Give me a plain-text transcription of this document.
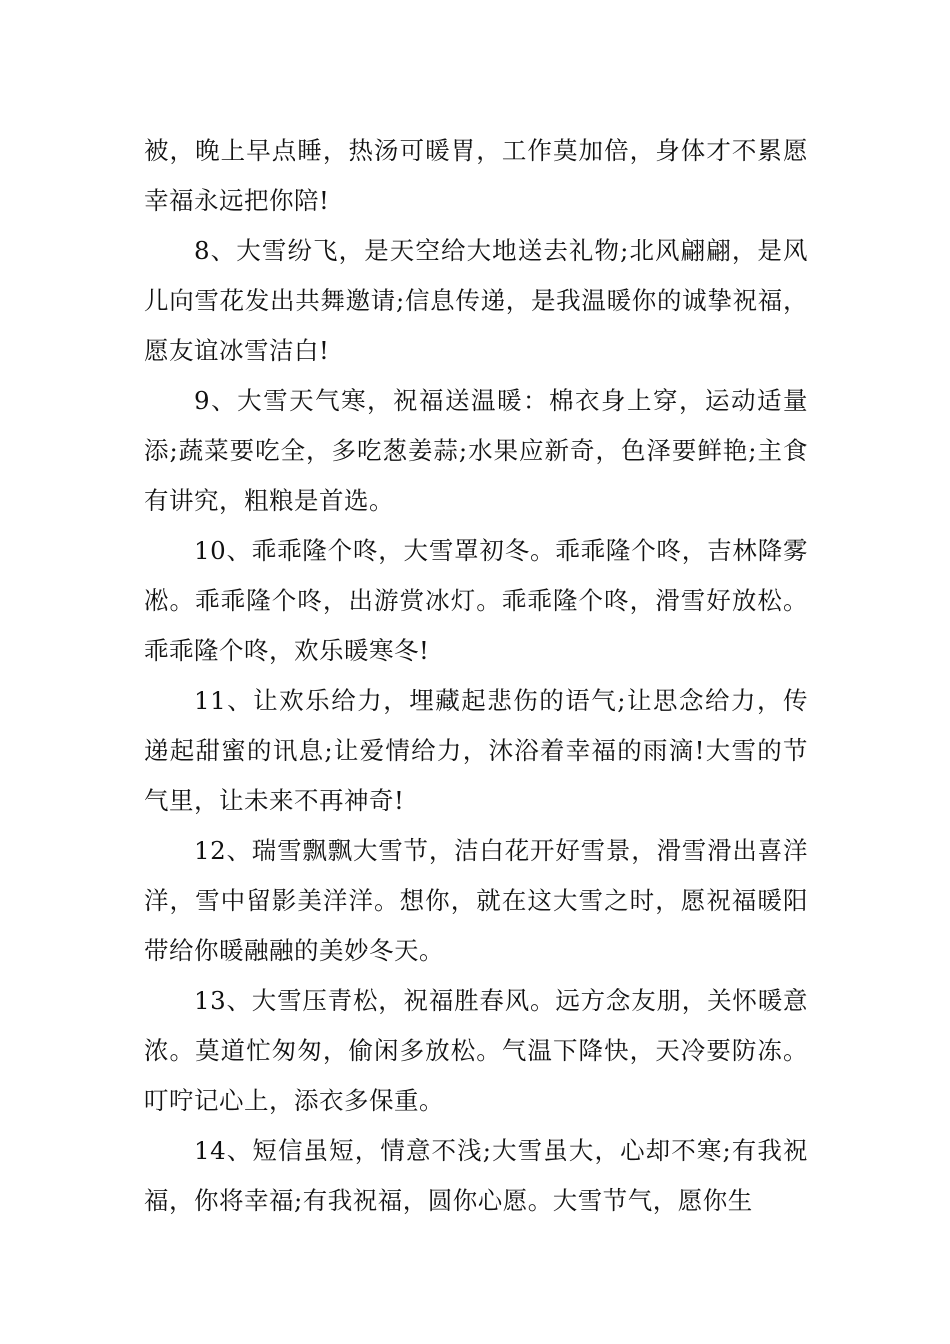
被，晚上早点睡，热汤可暖胃，工作莫加倍，身体才不累愿幸福永远把你陪!

8、大雪纷飞，是天空给大地送去礼物;北风翩翩，是风儿向雪花发出共舞邀请;信息传递，是我温暖你的诚挚祝福，愿友谊冰雪洁白!

9、大雪天气寒，祝福送温暖：棉衣身上穿，运动适量添;蔬菜要吃全，多吃葱姜蒜;水果应新奇，色泽要鲜艳;主食有讲究，粗粮是首选。

10、乖乖隆个咚，大雪罩初冬。乖乖隆个咚，吉林降雾凇。乖乖隆个咚，出游赏冰灯。乖乖隆个咚，滑雪好放松。乖乖隆个咚，欢乐暖寒冬!

11、让欢乐给力，埋藏起悲伤的语气;让思念给力，传递起甜蜜的讯息;让爱情给力，沐浴着幸福的雨滴!大雪的节气里，让未来不再神奇!

12、瑞雪飘飘大雪节，洁白花开好雪景，滑雪滑出喜洋洋，雪中留影美洋洋。想你，就在这大雪之时，愿祝福暖阳带给你暖融融的美妙冬天。

13、大雪压青松，祝福胜春风。远方念友朋，关怀暖意浓。莫道忙匆匆，偷闲多放松。气温下降快，天冷要防冻。叮咛记心上，添衣多保重。

14、短信虽短，情意不浅;大雪虽大，心却不寒;有我祝福，你将幸福;有我祝福，圆你心愿。大雪节气，愿你生
